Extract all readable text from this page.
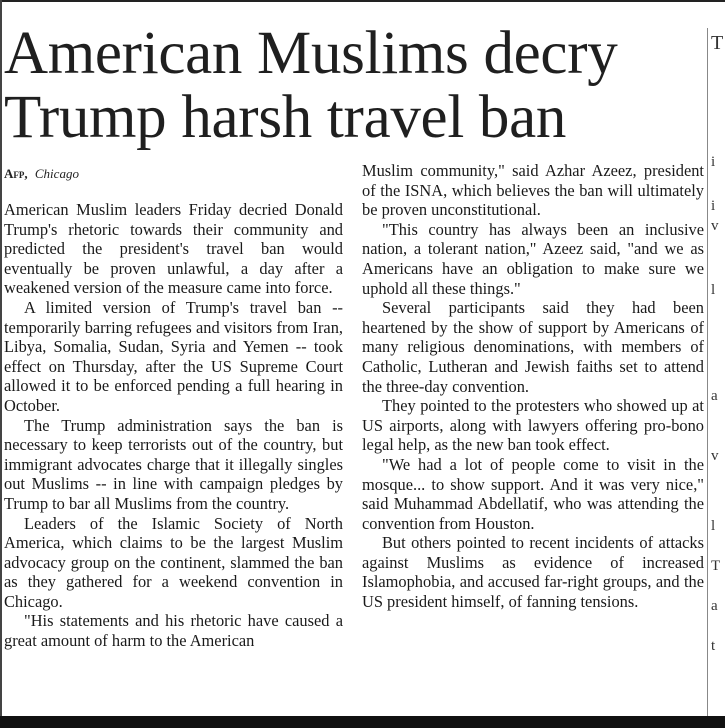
American Muslims decry Trump harsh travel ban
Afp, Chicago

American Muslim leaders Friday decried Donald Trump's rhetoric towards their community and predicted the president's travel ban would eventually be proven unlawful, a day after a weakened version of the measure came into force.

A limited version of Trump's travel ban -- temporarily barring refugees and visitors from Iran, Libya, Somalia, Sudan, Syria and Yemen -- took effect on Thursday, after the US Supreme Court allowed it to be enforced pending a full hearing in October.

The Trump administration says the ban is necessary to keep terrorists out of the country, but immigrant advocates charge that it illegally singles out Muslims -- in line with campaign pledges by Trump to bar all Muslims from the country.

Leaders of the Islamic Society of North America, which claims to be the largest Muslim advocacy group on the continent, slammed the ban as they gathered for a weekend convention in Chicago.

"His statements and his rhetoric have caused a great amount of harm to the American

Muslim community," said Azhar Azeez, president of the ISNA, which believes the ban will ultimately be proven unconstitutional.

"This country has always been an inclusive nation, a tolerant nation," Azeez said, "and we as Americans have an obligation to make sure we uphold all these things."

Several participants said they had been heartened by the show of support by Americans of many religious denominations, with members of Catholic, Lutheran and Jewish faiths set to attend the three-day convention.

They pointed to the protesters who showed up at US airports, along with lawyers offering pro-bono legal help, as the new ban took effect.

"We had a lot of people come to visit in the mosque... to show support. And it was very nice," said Muhammad Abdellatif, who was attending the convention from Houston.

But others pointed to recent incidents of attacks against Muslims as evidence of increased Islamophobia, and accused far-right groups, and the US president himself, of fanning tensions.

T
i
i
v
l
a
v
l
T
a
t
